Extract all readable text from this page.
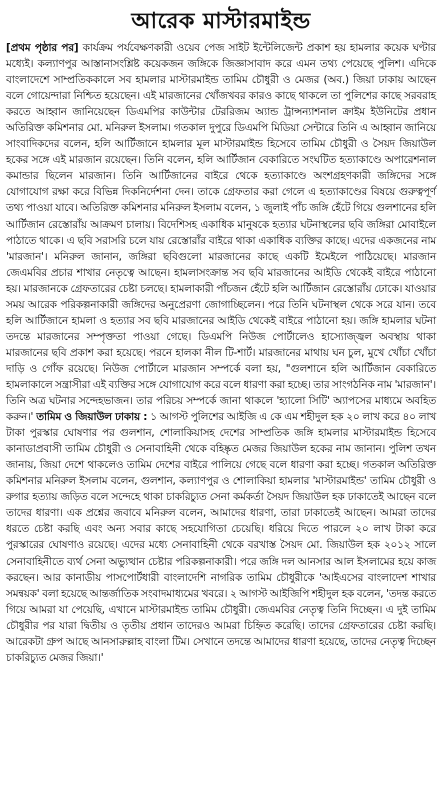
আরেক মাস্টারমাইন্ড

[প্রথম পৃষ্ঠার পর] কার্যক্রম পর্যবেক্ষণকারী ওয়েব পেজ সাইট ইন্টেলিজেন্ট প্রকাশ হয় হামলার কয়েক ঘণ্টার মধ্যেই। কল্যাণপুর আস্তানাসংশ্লিষ্ট কয়েকজন জঙ্গিকে জিজ্ঞাসাবাদ করে এমন তথ্য পেয়েছে পুলিশ। এদিকে বাংলাদেশে সাম্প্রতিককালে সব হামলার মাস্টারমাইন্ড তামিম চৌধুরী ও মেজর (অব.) জিয়া ঢাকায় আছেন বলে গোয়েন্দারা নিশ্চিত হয়েছেন। এই মারজানের খোঁজখবর কারও কাছে থাকলে তা পুলিশের কাছে সরবরাহ করতে আহ্বান জানিয়েছেন ডিএমপির কাউন্টার টেররিজম অ্যান্ড ট্রান্সন্যাশনাল ক্রাইম ইউনিটের প্রধান অতিরিক্ত কমিশনার মো. মনিরুল ইসলাম। গতকাল দুপুরে ডিএমপি মিডিয়া সেন্টারে তিনি এ আহ্বান জানিয়ে সাংবাদিকদের বলেন, হলি আর্টিজানে হামলার মূল মাস্টারমাইন্ড হিসেবে তামিম চৌধুরী ও সৈয়দ জিয়াউল হকের সঙ্গে এই মারজান রয়েছেন। তিনি বলেন, হলি আর্টিজান বেকারিতে সংঘটিত হত্যাকাণ্ডে অপারেশনাল কমান্ডার ছিলেন মারজান। তিনি আর্টিজানের বাইরে থেকে হত্যাকাণ্ডে অংশগ্রহণকারী জঙ্গিদের সঙ্গে যোগাযোগ রক্ষা করে বিভিন্ন দিকনির্দেশনা দেন। তাকে গ্রেফতার করা গেলে এ হত্যাকাণ্ডের বিষয়ে গুরুত্বপূর্ণ তথ্য পাওয়া যাবে। অতিরিক্ত কমিশনার মনিরুল ইসলাম বলেন, ১ জুলাই পাঁচ জঙ্গি হেঁটে গিয়ে গুলশানের হলি আর্টিজান রেস্তোরাঁয় আক্রমণ চালায়। বিদেশিসহ একাধিক মানুষকে হত্যার ঘটনাস্থলের ছবি জঙ্গিরা মোবাইলে পাঠাতে থাকে। এ ছবি সরাসরি চলে যায় রেস্তোরাঁর বাইরে থাকা একাধিক ব্যক্তির কাছে। এদের একজনের নাম 'মারজান'। মনিরুল জানান, জঙ্গিরা ছবিগুলো মারজানের কাছে একটি ইমেইলে পাঠিয়েছে। মারজান জেএমবির প্রচার শাখার নেতৃত্বে আছেন। হামলাসংক্রান্ত সব ছবি মারজানের আইডি থেকেই বাইরে পাঠানো হয়। মারজানকে গ্রেফতারের চেষ্টা চলছে। হামলাকারী পাঁচজন হেঁটে হলি আর্টিজান রেস্তোরাঁয় ঢোকে। যাওয়ার সময় আরেক পরিকল্পনাকারী জঙ্গিদের অনুপ্রেরণা জোগাচ্ছিলেন। পরে তিনি ঘটনাস্থল থেকে সরে যান। তবে হলি আর্টিজানে হামলা ও হত্যার সব ছবি মারজানের আইডি থেকেই বাইরে পাঠানো হয়। জঙ্গি হামলার ঘটনা তদন্তে মারজানের সম্পৃক্ততা পাওয়া গেছে। ডিএমপি নিউজ পোর্টালেও হাস্যোজ্জ্বল অবস্থায় থাকা মারজানের ছবি প্রকাশ করা হয়েছে। পরনে হালকা নীল টি-শার্ট। মারজানের মাথায় ঘন চুল, মুখে খোঁচা খোঁচা দাড়ি ও গোঁফ রয়েছে। নিউজ পোর্টালে মারজান সম্পর্কে বলা হয়, "গুলশানে হলি আর্টিজান বেকারিতে হামলাকালে সন্ত্রাসীরা এই ব্যক্তির সঙ্গে যোগাযোগ করে বলে ধারণা করা হচ্ছে। তার সাংগঠনিক নাম 'মারজান'। তিনি অত্র ঘটনার সন্দেহভাজন। তার পরিচয় সম্পর্কে জানা থাকলে 'হ্যালো সিটি' অ্যাপসের মাধ্যমে অবহিত করুন।' তামিম ও জিয়াউল ঢাকায় : ১ আগস্ট পুলিশের আইজি এ কে এম শহীদুল হক ২০ লাখ করে ৪০ লাখ টাকা পুরস্কার ঘোষণার পর গুলশান, শোলাকিয়াসহ দেশের সাম্প্রতিক জঙ্গি হামলার মাস্টারমাইন্ড হিসেবে কানাডাপ্রবাসী তামিম চৌধুরী ও সেনাবাহিনী থেকে বহিষ্কৃত মেজর জিয়াউল হকের নাম জানান। পুলিশ তখন জানায়, জিয়া দেশে থাকলেও তামিম দেশের বাইরে পালিয়ে গেছে বলে ধারণা করা হচ্ছে। গতকাল অতিরিক্ত কমিশনার মনিরুল ইসলাম বলেন, গুলশান, কল্যাণপুর ও শোলাকিয়া হামলার 'মাস্টারমাইন্ড' তামিম চৌধুরী ও রুগার হত্যায় জড়িত বলে সন্দেহে থাকা চাকরিচ্যুত সেনা কর্মকর্তা সৈয়দ জিয়াউল হক ঢাকাতেই আছেন বলে তাদের ধারণা। এক প্রশ্নের জবাবে মনিরুল বলেন, আমাদের ধারণা, তারা ঢাকাতেই আছেন। আমরা তাদের ধরতে চেষ্টা করছি এবং অন্য সবার কাছে সহযোগিতা চেয়েছি। ধরিয়ে দিতে পারলে ২০ লাখ টাকা করে পুরস্কারের ঘোষণাও রয়েছে। এদের মধ্যে সেনাবাহিনী থেকে বরখাস্ত সৈয়দ মো. জিয়াউল হক ২০১২ সালে সেনাবাহিনীতে ব্যর্থ সেনা অভ্যুত্থান চেষ্টার পরিকল্পনাকারী। পরে জঙ্গি দল আনসার আল ইসলামের হয়ে কাজ করছেন। আর কানাডীয় পাসপোর্টধারী বাংলাদেশি নাগরিক তামিম চৌধুরীকে 'আইএসের বাংলাদেশ শাখার সমন্বয়ক' বলা হয়েছে আন্তর্জাতিক সংবাদমাধ্যমের খবরে। ২ আগস্ট আইজিপি শহীদুল হক বলেন, 'তদন্ত করতে গিয়ে আমরা যা পেয়েছি, এখানে মাস্টারমাইন্ড তামিম চৌধুরী। জেএমবির নেতৃত্ব তিনি দিচ্ছেন। এ দুই তামিম চৌধুরীর পর যারা দ্বিতীয় ও তৃতীয় প্রধান তাদেরও আমরা চিহ্নিত করেছি। তাদের গ্রেফতারের চেষ্টা করছি। আরেকটা গ্রুপ আছে আনসারুল্লাহ বাংলা টিম। সেখানে তদন্তে আমাদের ধারণা হয়েছে, তাদের নেতৃত্ব দিচ্ছেন চাকরিচ্যুত মেজর জিয়া।'
